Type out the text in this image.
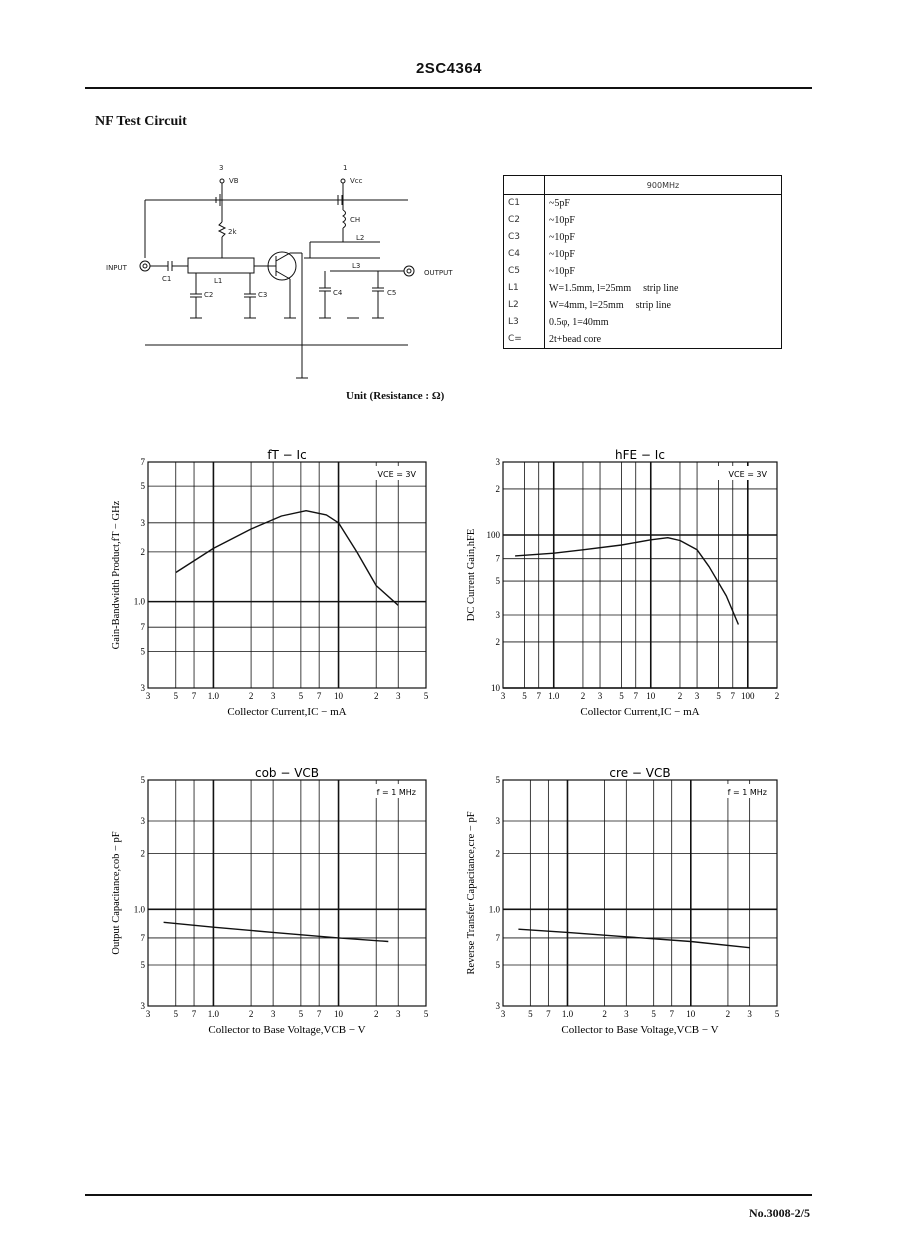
2SC4364
NF Test Circuit
3
VB
1
Vcc
INPUT
OUTPUT
C1
C2	C3	C4	C5
2k
CH
L2
L3
L1
Unit (Resistance : Ω)
	900MHz
C1	~5pF
C2	~10pF
C3	~10pF
C4	~10pF
C5	~10pF
L1	W=1.5mm, l=25mm strip line
L2	W=4mm, l=25mm strip line
L3	0.5φ, 1=40mm
C=	2t+bead core
3	5 7 1.0	2 3	5 7 10	2 3	5
7
5
3
2
1.0
7
5
3
fT − Ic
Collector Current,IC − mA
Gain-Bandwidth Product,fT − GHz
VCE = 3V
3 5 7 1.0 2 3 5 7 10 2 3 5 7 100 2
3
2
100
7
5
3
2
10
hFE − Ic
Collector Current,IC − mA
DC Current Gain,hFE
VCE = 3V
3	5 7 1.0	2 3	5 7 10	2 3	5
5
3
2
1.0
7
5
3
cob − VCB
Collector to Base Voltage,VCB − V
Output Capacitance,cob − pF
f = 1 MHz
3	5 7 1.0	2 3	5 7 10	2 3	5
5
3
2
1.0
7
5
3
cre − VCB
Collector to Base Voltage,VCB − V
Reverse Transfer Capacitance,cre − pF
f = 1 MHz
No.3008-2/5
